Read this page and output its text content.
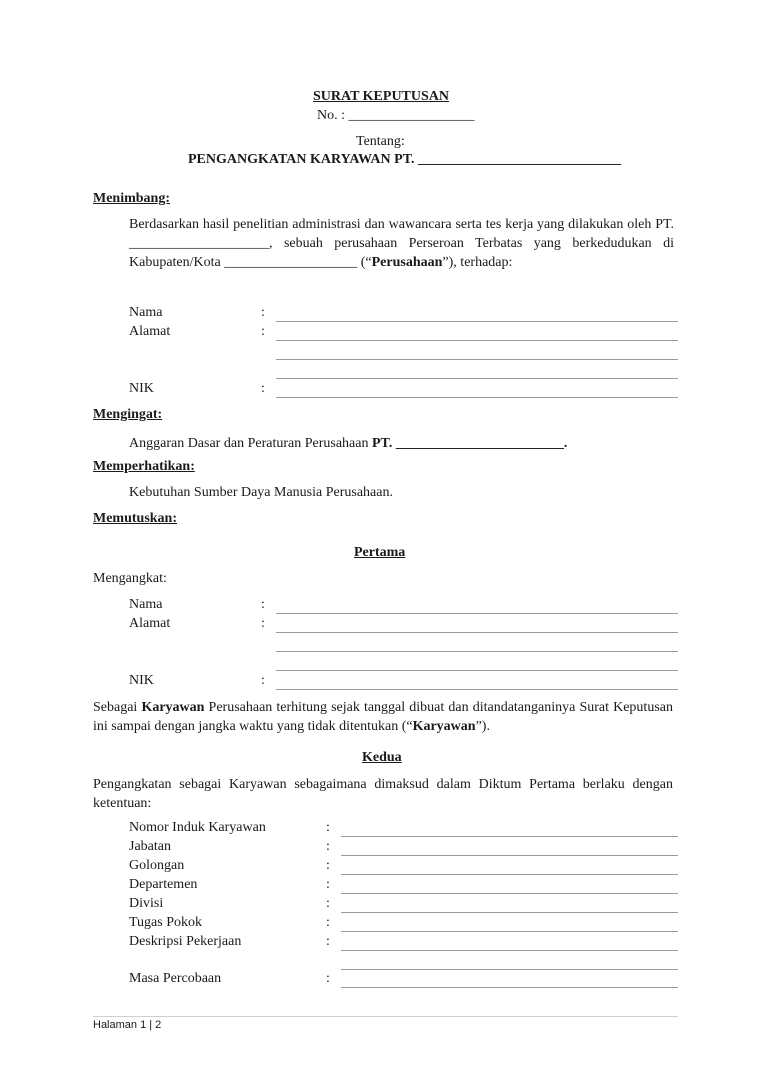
SURAT KEPUTUSAN
No. : __________________
Tentang:
PENGANGKATAN KARYAWAN PT. _____________________________
Menimbang:
Berdasarkan hasil penelitian administrasi dan wawancara serta tes kerja yang dilakukan oleh PT. ____________________, sebuah perusahaan Perseroan Terbatas yang berkedudukan di Kabupaten/Kota ___________________ (“Perusahaan”), terhadap:
Nama	:
Alamat	:
NIK	:
Mengingat:
Anggaran Dasar dan Peraturan Perusahaan PT. ________________________.
Memperhatikan:
Kebutuhan Sumber Daya Manusia Perusahaan.
Memutuskan:
Pertama
Mengangkat:
Nama	:
Alamat	:
NIK	:
Sebagai Karyawan Perusahaan terhitung sejak tanggal dibuat dan ditandatanganinya Surat Keputusan ini sampai dengan jangka waktu yang tidak ditentukan (“Karyawan”).
Kedua
Pengangkatan sebagai Karyawan sebagaimana dimaksud dalam Diktum Pertama berlaku dengan ketentuan:
Nomor Induk Karyawan	:
Jabatan	:
Golongan	:
Departemen	:
Divisi	:
Tugas Pokok	:
Deskripsi Pekerjaan	:
Masa Percobaan	:
Halaman 1 | 2
